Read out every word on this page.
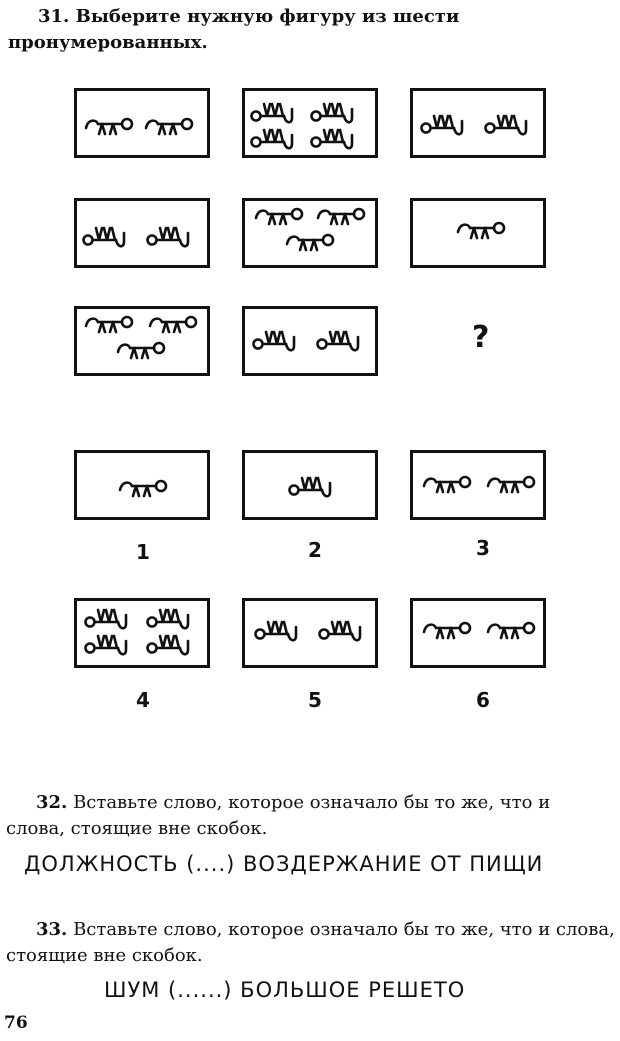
31. Выберите нужную фигуру из шести пронумерованных.
?
1	2	3
4	5	6
32. Вставьте слово, которое означало бы то же, что и слова, стоящие вне скобок.
ДОЛЖНОСТЬ (....) ВОЗДЕРЖАНИЕ ОТ ПИЩИ
33. Вставьте слово, которое означало бы то же, что и слова, стоящие вне скобок.
ШУМ (......) БОЛЬШОЕ РЕШЕТО
76
